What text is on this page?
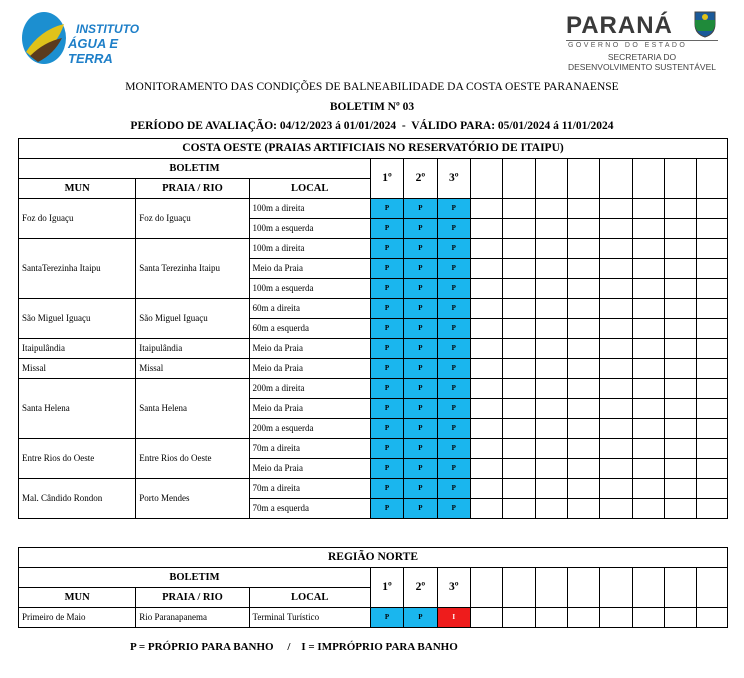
INSTITUTO
ÁGUA E TERRA
PARANÁ
GOVERNO DO ESTADO
SECRETARIA DO
DESENVOLVIMENTO SUSTENTÁVEL
MONITORAMENTO DAS CONDIÇÕES DE BALNEABILIDADE DA COSTA OESTE PARANAENSE
BOLETIM Nº 03
PERÍODO DE AVALIAÇÃO: 04/12/2023 á 01/01/2024  -  VÁLIDO PARA: 05/01/2024 á 11/01/2024
COSTA OESTE (PRAIAS ARTIFICIAIS NO RESERVATÓRIO DE ITAIPU)													
BOLETIM			1º	2º	3º								
MUN	PRAIA / RIO	LOCAL											
Foz do Iguaçu	Foz do Iguaçu	100m a direita	P	P	P								
		100m a esquerda	P	P	P								
SantaTerezinha Itaipu	Santa Terezinha Itaipu	100m a direita	P	P	P								
		Meio da Praia	P	P	P								
		100m a esquerda	P	P	P								
São Miguel Iguaçu	São Miguel Iguaçu	60m a direita	P	P	P								
		60m a esquerda	P	P	P								
Itaipulândia	Itaipulândia	Meio da Praia	P	P	P								
Missal	Missal	Meio da Praia	P	P	P								
Santa Helena	Santa Helena	200m a direita	P	P	P								
		Meio da Praia	P	P	P								
		200m a esquerda	P	P	P								
Entre Rios do Oeste	Entre Rios do Oeste	70m a direita	P	P	P								
		Meio da Praia	P	P	P								
Mal. Cândido Rondon	Porto Mendes	70m a direita	P	P	P								
		70m a esquerda	P	P	P								
REGIÃO NORTE													
BOLETIM			1º	2º	3º								
MUN	PRAIA / RIO	LOCAL											
Primeiro de Maio	Rio Paranapanema	Terminal Turístico	P	P	I								
P = PRÓPRIO PARA BANHO     /    I = IMPRÓPRIO PARA BANHO
